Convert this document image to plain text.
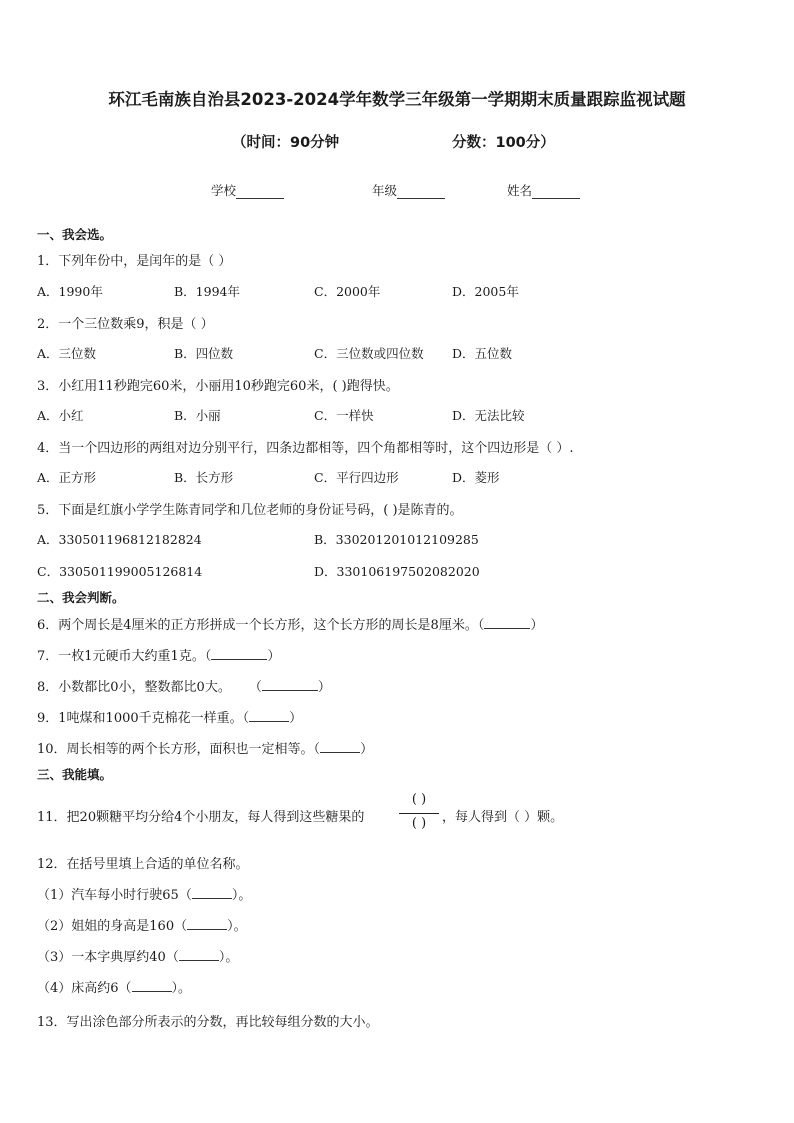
环江毛南族自治县2023-2024学年数学三年级第一学期期末质量跟踪监视试题
（时间：90分钟	分数：100分）
学校	年级	姓名
一、我会选。
1．下列年份中，是闰年的是（ ）
A．1990年	B．1994年	C．2000年	D．2005年
2．一个三位数乘9，积是（ ）
A．三位数	B．四位数	C．三位数或四位数 D．五位数
3．小红用11秒跑完60米，小丽用10秒跑完60米，( )跑得快。
A．小红	B．小丽	C．一样快	D．无法比较
4．当一个四边形的两组对边分别平行，四条边都相等，四个角都相等时，这个四边形是（ ）.
A．正方形	B．长方形	C．平行四边形	D．菱形
5．下面是红旗小学学生陈青同学和几位老师的身份证号码，( )是陈青的。
A．330501196812182824	B．330201201012109285
C．330501199005126814	D．330106197502082020
二、我会判断。
6．两个周长是4厘米的正方形拼成一个长方形，这个长方形的周长是8厘米。（	）
7．一枚1元硬币大约重1克。（	）
8．小数都比0小，整数都比0大。 （	）
9．1吨煤和1000千克棉花一样重。（	）
10．周长相等的两个长方形，面积也一定相等。（	）
三、我能填。
11．把20颗糖平均分给4个小朋友，每人得到这些糖果的
( )
( )	，每人得到（ ）颗。
12．在括号里填上合适的单位名称。
（1）汽车每小时行驶65（	）。
（2）姐姐的身高是160（	）。
（3）一本字典厚约40（	）。
（4）床高约6（	）。
13．写出涂色部分所表示的分数，再比较每组分数的大小。
